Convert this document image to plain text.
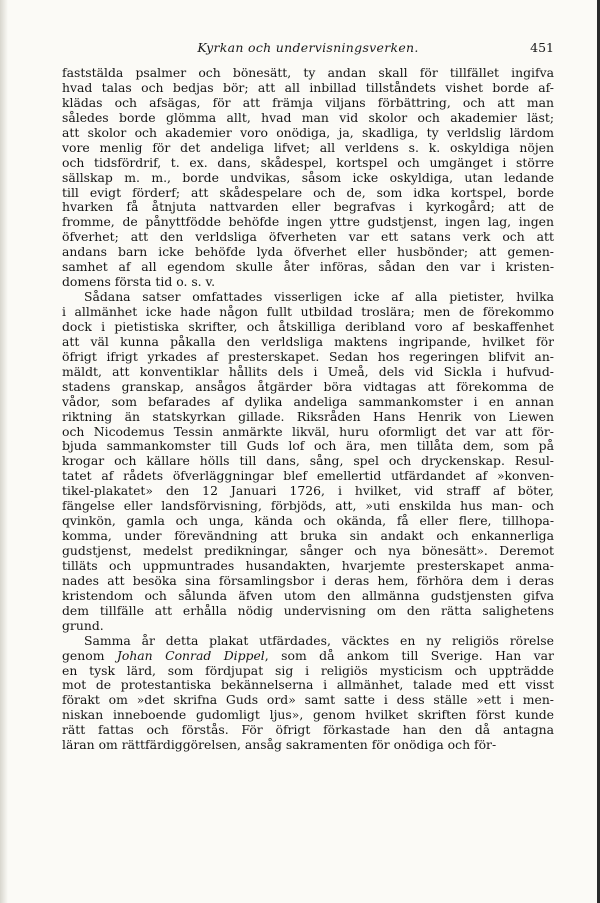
Kyrkan och undervisningsverken.	451
faststälda psalmer och bönesätt, ty andan skall för tillfället ingifva
hvad talas och bedjas bör; att all inbillad tillståndets vishet borde af-
klädas och afsägas, för att främja viljans förbättring, och att man
således borde glömma allt, hvad man vid skolor och akademier läst;
att skolor och akademier voro onödiga, ja, skadliga, ty verldslig lärdom
vore menlig för det andeliga lifvet; all verldens s. k. oskyldiga nöjen
och tidsfördrif, t. ex. dans, skådespel, kortspel och umgänget i större
sällskap m. m., borde undvikas, såsom icke oskyldiga, utan ledande
till evigt förderf; att skådespelare och de, som idka kortspel, borde
hvarken få åtnjuta nattvarden eller begrafvas i kyrkogård; att de
fromme, de pånyttfödde behöfde ingen yttre gudstjenst, ingen lag, ingen
öfverhet; att den verldsliga öfverheten var ett satans verk och att
andans barn icke behöfde lyda öfverhet eller husbönder; att gemen-
samhet af all egendom skulle åter införas, sådan den var i kristen-
domens första tid o. s. v.
Sådana satser omfattades visserligen icke af alla pietister, hvilka
i allmänhet icke hade någon fullt utbildad troslära; men de förekommo
dock i pietistiska skrifter, och åtskilliga deribland voro af beskaffenhet
att väl kunna påkalla den verldsliga maktens ingripande, hvilket för
öfrigt ifrigt yrkades af presterskapet. Sedan hos regeringen blifvit an-
mäldt, att konventiklar hållits dels i Umeå, dels vid Sickla i hufvud-
stadens granskap, ansågos åtgärder böra vidtagas att förekomma de
vådor, som befarades af dylika andeliga sammankomster i en annan
riktning än statskyrkan gillade. Riksråden Hans Henrik von Liewen
och Nicodemus Tessin anmärkte likväl, huru oformligt det var att för-
bjuda sammankomster till Guds lof och ära, men tillåta dem, som på
krogar och källare hölls till dans, sång, spel och dryckenskap. Resul-
tatet af rådets öfverläggningar blef emellertid utfärdandet af »konven-
tikel-plakatet» den 12 Januari 1726, i hvilket, vid straff af böter,
fängelse eller landsförvisning, förbjöds, att, »uti enskilda hus man- och
qvinkön, gamla och unga, kända och okända, få eller flere, tillhopa-
komma, under förevändning att bruka sin andakt och enkannerliga
gudstjenst, medelst predikningar, sånger och nya bönesätt». Deremot
tilläts och uppmuntrades husandakten, hvarjemte presterskapet anma-
nades att besöka sina församlingsbor i deras hem, förhöra dem i deras
kristendom och sålunda äfven utom den allmänna gudstjensten gifva
dem tillfälle att erhålla nödig undervisning om den rätta salighetens
grund.
Samma år detta plakat utfärdades, väcktes en ny religiös rörelse
genom Johan Conrad Dippel, som då ankom till Sverige. Han var
en tysk lärd, som fördjupat sig i religiös mysticism och uppträdde
mot de protestantiska bekännelserna i allmänhet, talade med ett visst
förakt om »det skrifna Guds ord» samt satte i dess ställe »ett i men-
niskan inneboende gudomligt ljus», genom hvilket skriften först kunde
rätt fattas och förstås. För öfrigt förkastade han den då antagna
läran om rättfärdiggörelsen, ansåg sakramenten för onödiga och för-
